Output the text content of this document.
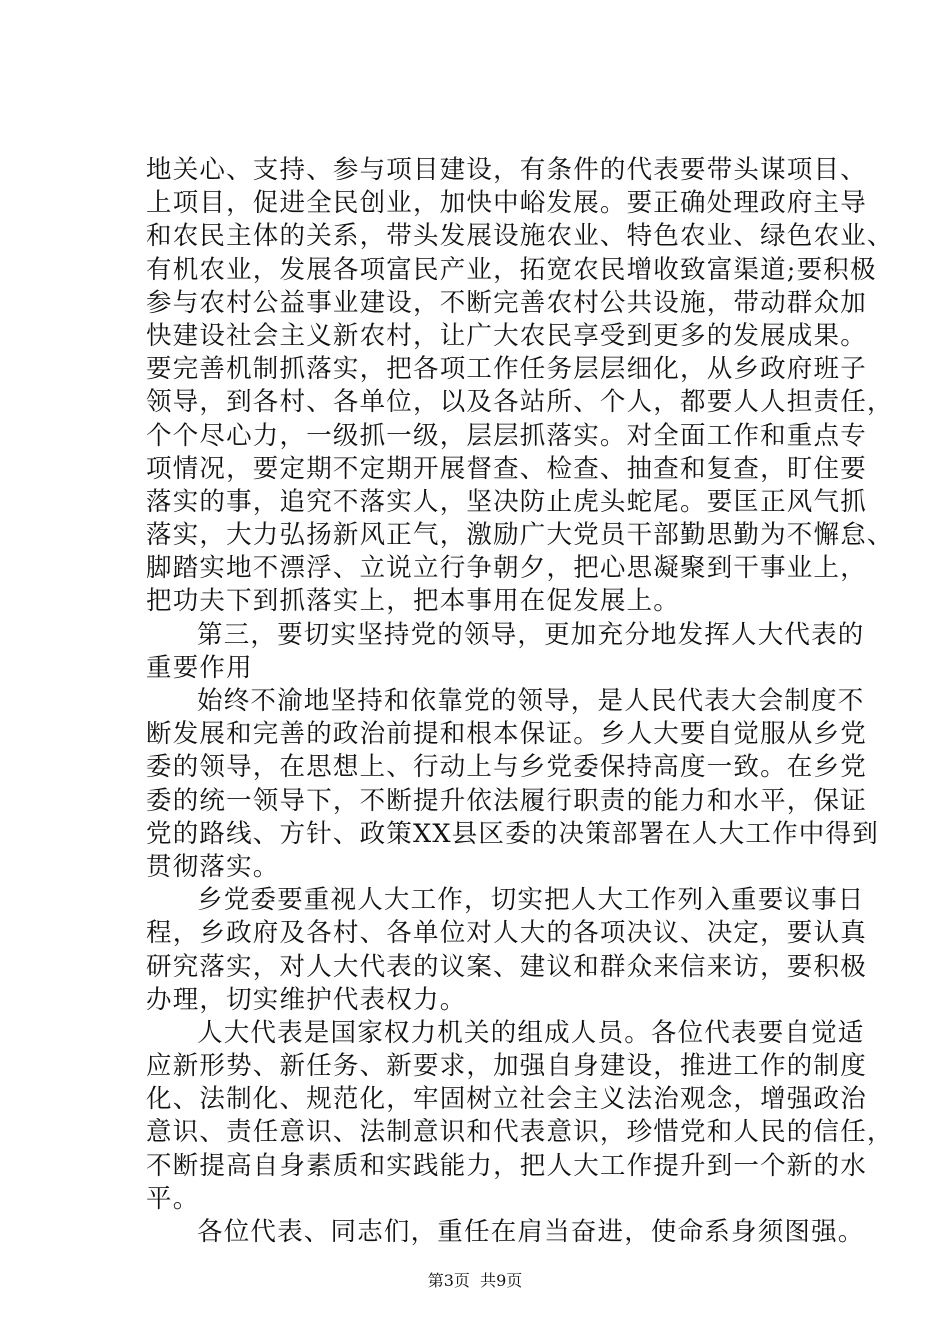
地关心、支持、参与项目建设，有条件的代表要带头谋项目、
上项目，促进全民创业，加快中峪发展。要正确处理政府主导
和农民主体的关系，带头发展设施农业、特色农业、绿色农业、
有机农业，发展各项富民产业，拓宽农民增收致富渠道;要积极
参与农村公益事业建设，不断完善农村公共设施，带动群众加
快建设社会主义新农村，让广大农民享受到更多的发展成果。
要完善机制抓落实，把各项工作任务层层细化，从乡政府班子
领导，到各村、各单位，以及各站所、个人，都要人人担责任，
个个尽心力，一级抓一级，层层抓落实。对全面工作和重点专
项情况，要定期不定期开展督查、检查、抽查和复查，盯住要
落实的事，追究不落实人，坚决防止虎头蛇尾。要匡正风气抓
落实，大力弘扬新风正气，激励广大党员干部勤思勤为不懈怠、
脚踏实地不漂浮、立说立行争朝夕，把心思凝聚到干事业上，
把功夫下到抓落实上，把本事用在促发展上。
第三，要切实坚持党的领导，更加充分地发挥人大代表的
重要作用
始终不渝地坚持和依靠党的领导，是人民代表大会制度不
断发展和完善的政治前提和根本保证。乡人大要自觉服从乡党
委的领导，在思想上、行动上与乡党委保持高度一致。在乡党
委的统一领导下，不断提升依法履行职责的能力和水平，保证
党的路线、方针、政策XX县区委的决策部署在人大工作中得到
贯彻落实。
乡党委要重视人大工作，切实把人大工作列入重要议事日
程，乡政府及各村、各单位对人大的各项决议、决定，要认真
研究落实，对人大代表的议案、建议和群众来信来访，要积极
办理，切实维护代表权力。
人大代表是国家权力机关的组成人员。各位代表要自觉适
应新形势、新任务、新要求，加强自身建设，推进工作的制度
化、法制化、规范化，牢固树立社会主义法治观念，增强政治
意识、责任意识、法制意识和代表意识，珍惜党和人民的信任，
不断提高自身素质和实践能力，把人大工作提升到一个新的水
平。
各位代表、同志们，重任在肩当奋进，使命系身须图强。
第3页  共9页
